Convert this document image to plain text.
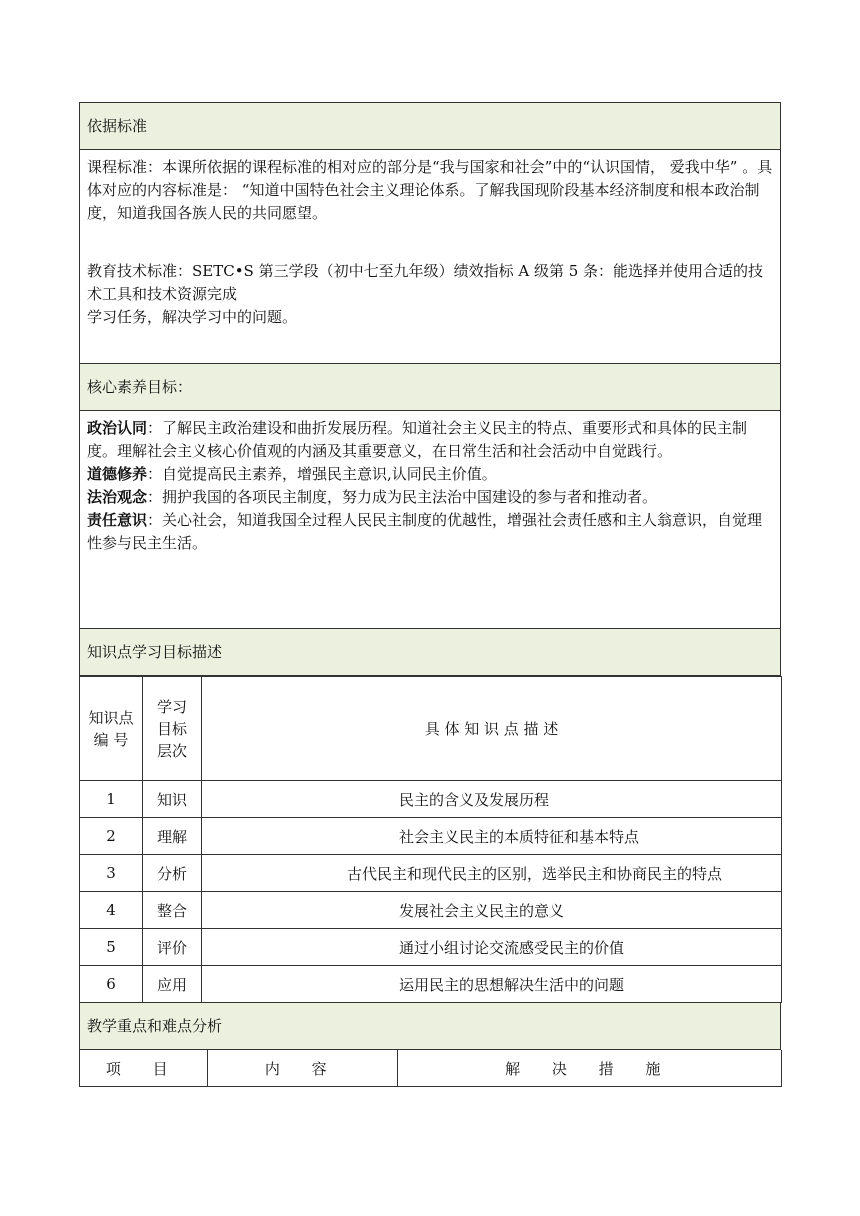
依据标准

课程标准：本课所依据的课程标准的相对应的部分是“我与国家和社会”中的“认识国情， 爱我中华” 。具体对应的内容标准是： “知道中国特色社会主义理论体系。了解我国现阶段基本经济制度和根本政治制度，知道我国各族人民的共同愿望。

教育技术标准：SETC•S 第三学段（初中七至九年级）绩效指标 A 级第 5 条：能选择并使用合适的技术工具和技术资源完成

学习任务，解决学习中的问题。

核心素养目标：

政治认同：了解民主政治建设和曲折发展历程。知道社会主义民主的特点、重要形式和具体的民主制度。理解社会主义核心价值观的内涵及其重要意义，在日常生活和社会活动中自觉践行。

道德修养：自觉提高民主素养，增强民主意识,认同民主价值。

法治观念：拥护我国的各项民主制度，努力成为民主法治中国建设的参与者和推动者。

责任意识：关心社会，知道我国全过程人民民主制度的优越性，增强社会责任感和主人翁意识，自觉理性参与民主生活。

知识点学习目标描述
知识点编 号	学习目标层次	具 体 知 识 点 描 述
1	知识	民主的含义及发展历程
2	理解	社会主义民主的本质特征和基本特点
3	分析	古代民主和现代民主的区别，选举民主和协商民主的特点
4	整合	发展社会主义民主的意义
5	评价	通过小组讨论交流感受民主的价值
6	应用	运用民主的思想解决生活中的问题
教学重点和难点分析
项 目	内 容	解 决 措 施
